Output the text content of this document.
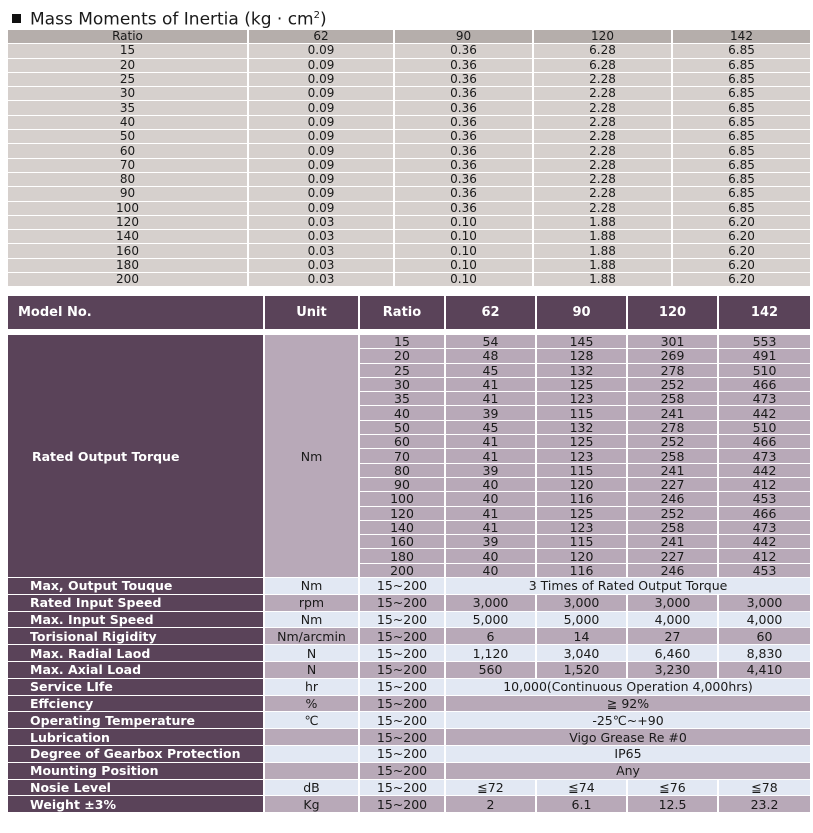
Mass Moments of Inertia $(kg \cdot cm^2)$
Ratio	62	90	120	142
15	0.09	0.36	6.28	6.85
20	0.09	0.36	6.28	6.85
25	0.09	0.36	2.28	6.85
30	0.09	0.36	2.28	6.85
35	0.09	0.36	2.28	6.85
40	0.09	0.36	2.28	6.85
50	0.09	0.36	2.28	6.85
60	0.09	0.36	2.28	6.85
70	0.09	0.36	2.28	6.85
80	0.09	0.36	2.28	6.85
90	0.09	0.36	2.28	6.85
100	0.09	0.36	2.28	6.85
120	0.03	0.10	1.88	6.20
140	0.03	0.10	1.88	6.20
160	0.03	0.10	1.88	6.20
180	0.03	0.10	1.88	6.20
200	0.03	0.10	1.88	6.20
Model No.	Unit	Ratio	62	90	120	142
Rated Output Torque	Nm	15	54	145	301	553
		20	48	128	269	491
		25	45	132	278	510
		30	41	125	252	466
		35	41	123	258	473
		40	39	115	241	442
		50	45	132	278	510
		60	41	125	252	466
		70	41	123	258	473
		80	39	115	241	442
		90	40	120	227	412
		100	40	116	246	453
		120	41	125	252	466
		140	41	123	258	473
		160	39	115	241	442
		180	40	120	227	412
		200	40	116	246	453
Max, Output Touque	Nm	15~200	3 Times of Rated Output Torque			
Rated Input Speed	rpm	15~200	3,000	3,000	3,000	3,000
Max. Input Speed	Nm	15~200	5,000	5,000	4,000	4,000
Torisional Rigidity	Nm/arcmin	15~200	6	14	27	60
Max. Radial Laod	N	15~200	1,120	3,040	6,460	8,830
Max. Axial Load	N	15~200	560	1,520	3,230	4,410
Service LIfe	hr	15~200	10,000(Continuous Operation 4,000hrs)			
Effciency	%	15~200	≧ 92%			
Operating Temperature	℃	15~200	-25℃~+90			
Lubrication		15~200	Vigo Grease Re #0			
Degree of Gearbox Protection		15~200	IP65			
Mounting Position		15~200	Any			
Nosie Level	dB	15~200	≦72	≦74	≦76	≦78
Weight ±3%	Kg	15~200	2	6.1	12.5	23.2
